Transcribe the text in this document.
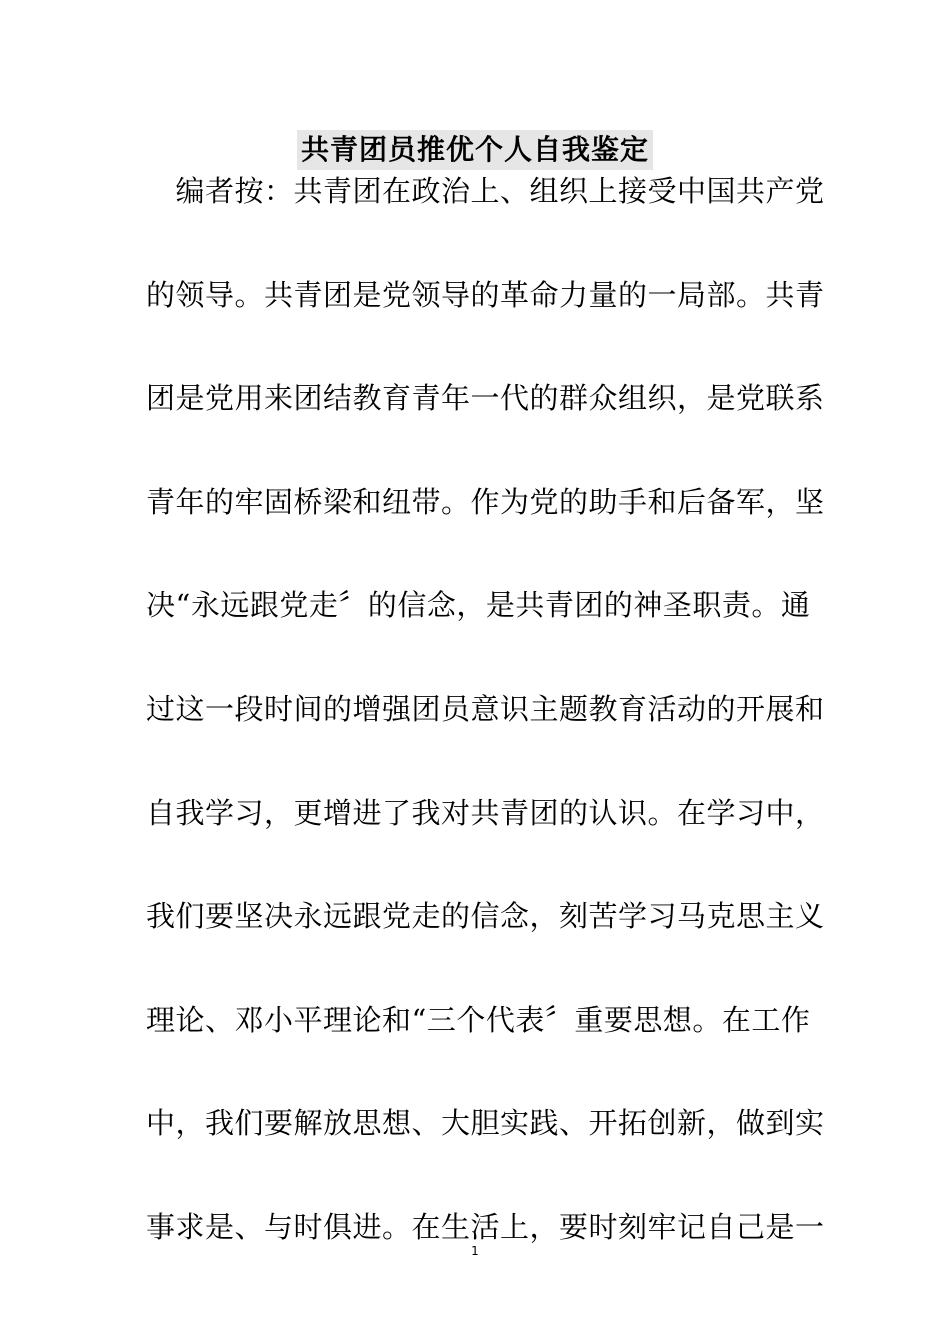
共青团员推优个人自我鉴定
　编者按：共青团在政治上、组织上接受中国共产党
的领导。共青团是党领导的革命力量的一局部。共青
团是党用来团结教育青年一代的群众组织，是党联系
青年的牢固桥梁和纽带。作为党的助手和后备军，坚
决“永远跟党走〞的信念，是共青团的神圣职责。通
过这一段时间的增强团员意识主题教育活动的开展和
自我学习，更增进了我对共青团的认识。在学习中，
我们要坚决永远跟党走的信念，刻苦学习马克思主义
理论、邓小平理论和“三个代表〞重要思想。在工作
中，我们要解放思想、大胆实践、开拓创新，做到实
事求是、与时俱进。在生活上，要时刻牢记自己是一
1
